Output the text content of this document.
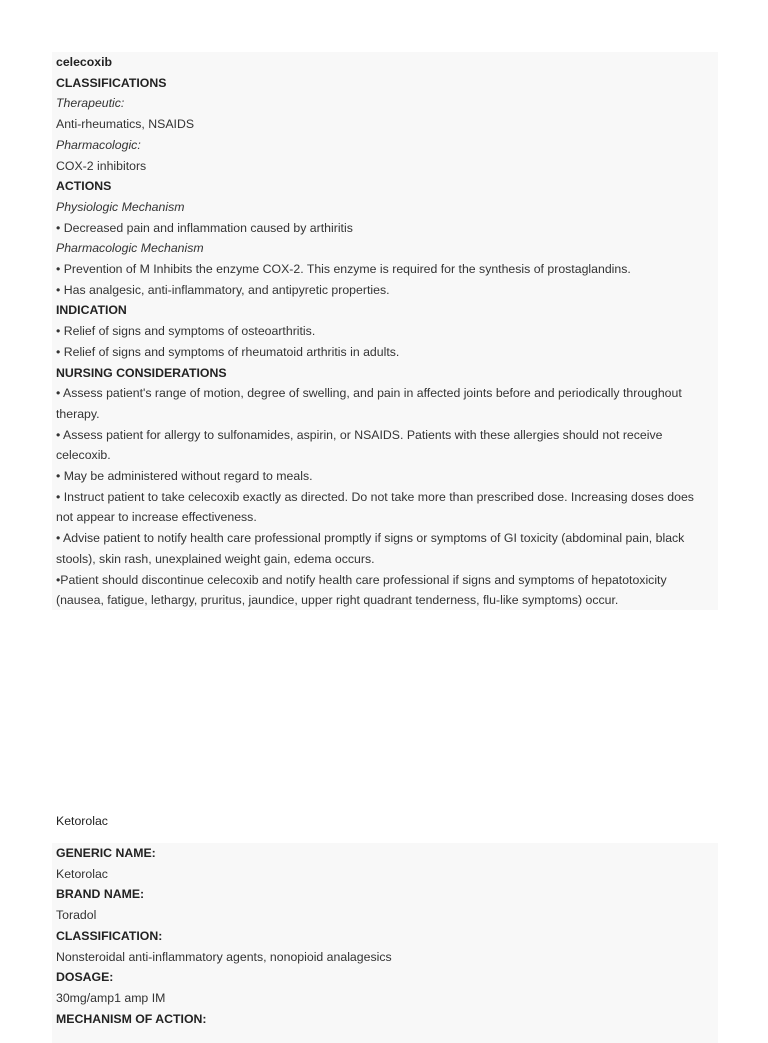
celecoxib
CLASSIFICATIONS
Therapeutic:
Anti-rheumatics, NSAIDS
Pharmacologic:
COX-2 inhibitors
ACTIONS
Physiologic Mechanism
• Decreased pain and inflammation caused by arthiritis
Pharmacologic Mechanism
• Prevention of M Inhibits the enzyme COX-2. This enzyme is required for the synthesis of prostaglandins.
• Has analgesic, anti-inflammatory, and antipyretic properties.
INDICATION
• Relief of signs and symptoms of osteoarthritis.
• Relief of signs and symptoms of rheumatoid arthritis in adults.
NURSING CONSIDERATIONS
• Assess patient's range of motion, degree of swelling, and pain in affected joints before and periodically throughout therapy.
• Assess patient for allergy to sulfonamides, aspirin, or NSAIDS. Patients with these allergies should not receive celecoxib.
• May be administered without regard to meals.
• Instruct patient to take celecoxib exactly as directed. Do not take more than prescribed dose. Increasing doses does not appear to increase effectiveness.
• Advise patient to notify health care professional promptly if signs or symptoms of GI toxicity (abdominal pain, black stools), skin rash, unexplained weight gain, edema occurs.
•Patient should discontinue celecoxib and notify health care professional if signs and symptoms of hepatotoxicity (nausea, fatigue, lethargy, pruritus, jaundice, upper right quadrant tenderness, flu-like symptoms) occur.
Ketorolac
GENERIC NAME:
Ketorolac
BRAND NAME:
Toradol
CLASSIFICATION:
Nonsteroidal anti-inflammatory agents, nonopioid analagesics
DOSAGE:
30mg/amp1 amp IM
MECHANISM OF ACTION:
